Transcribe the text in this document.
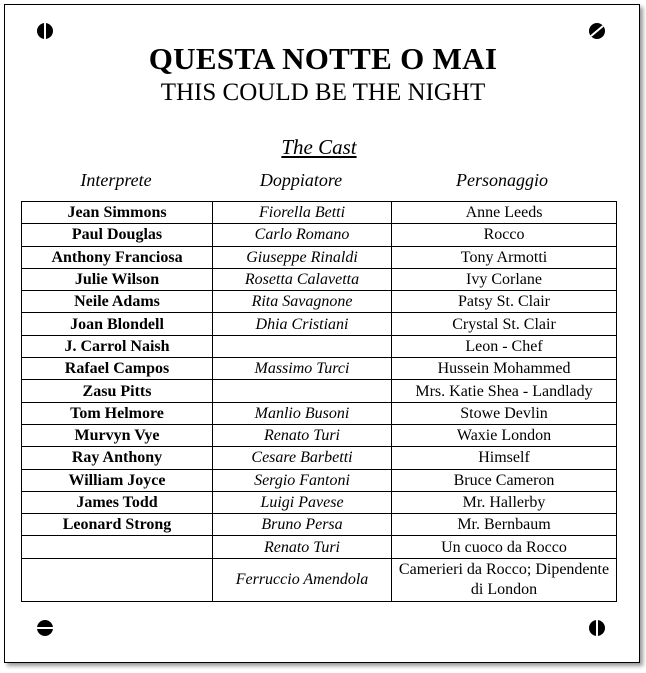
QUESTA NOTTE O MAI
THIS COULD BE THE NIGHT
The Cast
Interprete	Doppiatore	Personaggio
Jean Simmons	Fiorella Betti	Anne Leeds
Paul Douglas	Carlo Romano	Rocco
Anthony Franciosa	Giuseppe Rinaldi	Tony Armotti
Julie Wilson	Rosetta Calavetta	Ivy Corlane
Neile Adams	Rita Savagnone	Patsy St. Clair
Joan Blondell	Dhia Cristiani	Crystal St. Clair
J. Carrol Naish		Leon - Chef
Rafael Campos	Massimo Turci	Hussein Mohammed
Zasu Pitts		Mrs. Katie Shea - Landlady
Tom Helmore	Manlio Busoni	Stowe Devlin
Murvyn Vye	Renato Turi	Waxie London
Ray Anthony	Cesare Barbetti	Himself
William Joyce	Sergio Fantoni	Bruce Cameron
James Todd	Luigi Pavese	Mr. Hallerby
Leonard Strong	Bruno Persa	Mr. Bernbaum
	Renato Turi	Un cuoco da Rocco
	Ferruccio Amendola	Camerieri da Rocco; Dipendente di London
